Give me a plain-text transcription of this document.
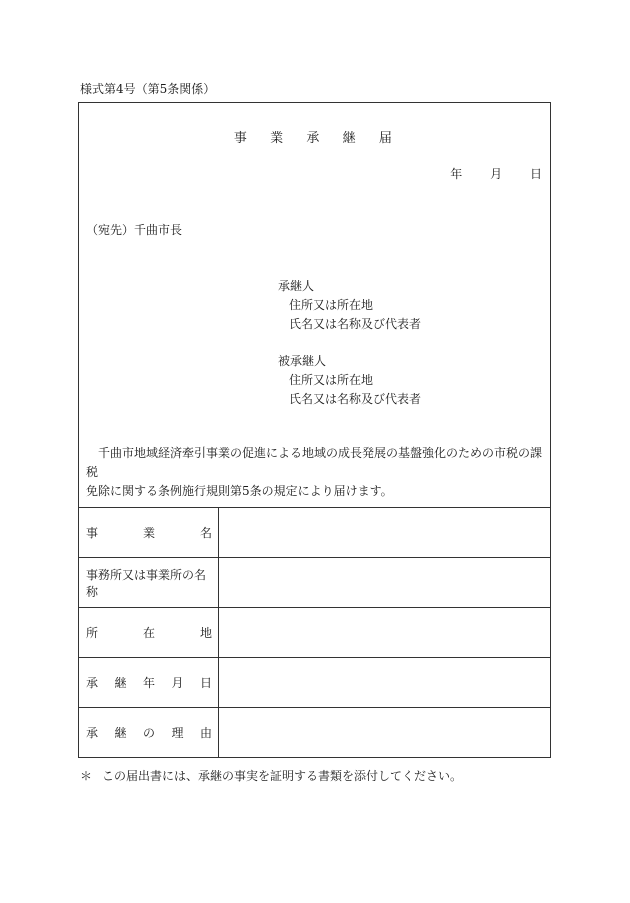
様式第4号（第5条関係）
事 業 承 継 届
年 月 日
（宛先）千曲市長
承継人
住所又は所在地
氏名又は名称及び代表者
被承継人
住所又は所在地
氏名又は名称及び代表者
千曲市地域経済牽引事業の促進による地域の成長発展の基盤強化のための市税の課税
免除に関する条例施行規則第5条の規定により届けます。
事	業	名
事務所又は事業所の名称
所	在	地
承 継 年 月 日
承 継 の 理 由
＊ この届出書には、承継の事実を証明する書類を添付してください。
